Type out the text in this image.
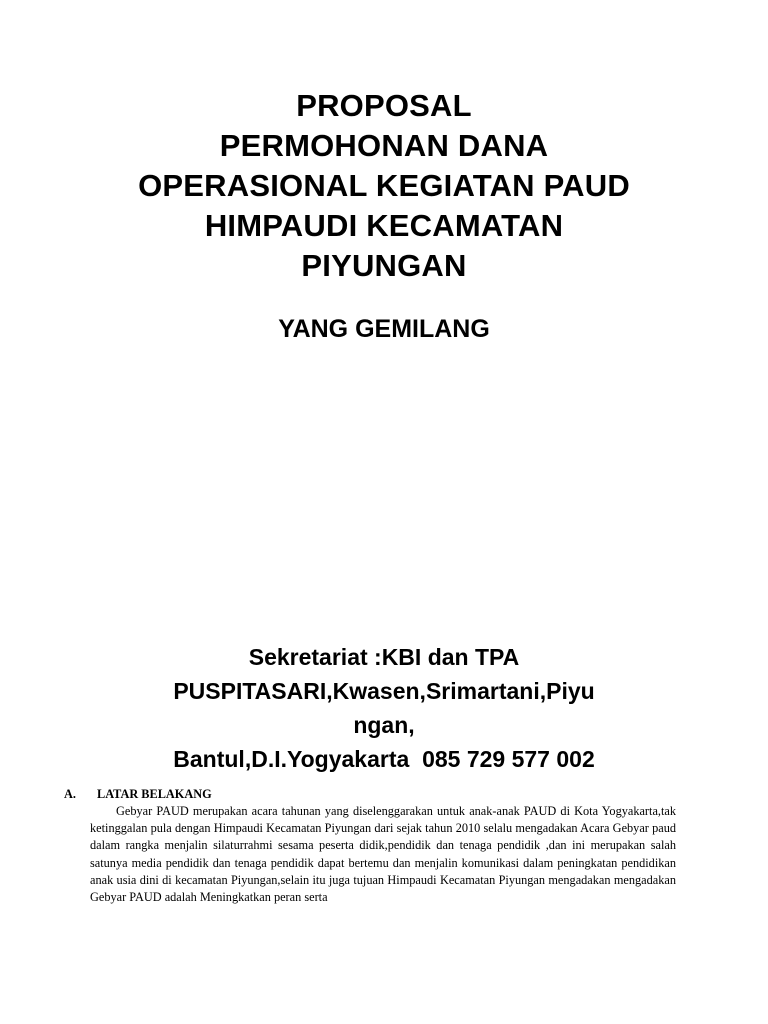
PROPOSAL
PERMOHONAN DANA
OPERASIONAL KEGIATAN PAUD
HIMPAUDI KECAMATAN
PIYUNGAN
YANG GEMILANG
Sekretariat :KBI dan TPA
PUSPITASARI,Kwasen,Srimartani,Piyu
ngan,
Bantul,D.I.Yogyakarta  085 729 577 002
A.	LATAR BELAKANG
Gebyar PAUD merupakan acara tahunan yang diselenggarakan untuk anak-anak PAUD di Kota Yogyakarta,tak ketinggalan pula dengan Himpaudi Kecamatan Piyungan dari sejak tahun 2010 selalu mengadakan Acara Gebyar paud dalam rangka menjalin silaturrahmi sesama peserta didik,pendidik dan tenaga pendidik ,dan ini merupakan salah satunya media pendidik dan tenaga pendidik dapat bertemu dan menjalin komunikasi dalam peningkatan pendidikan anak usia dini di kecamatan Piyungan,selain itu juga tujuan Himpaudi Kecamatan Piyungan mengadakan mengadakan Gebyar PAUD adalah Meningkatkan peran serta
